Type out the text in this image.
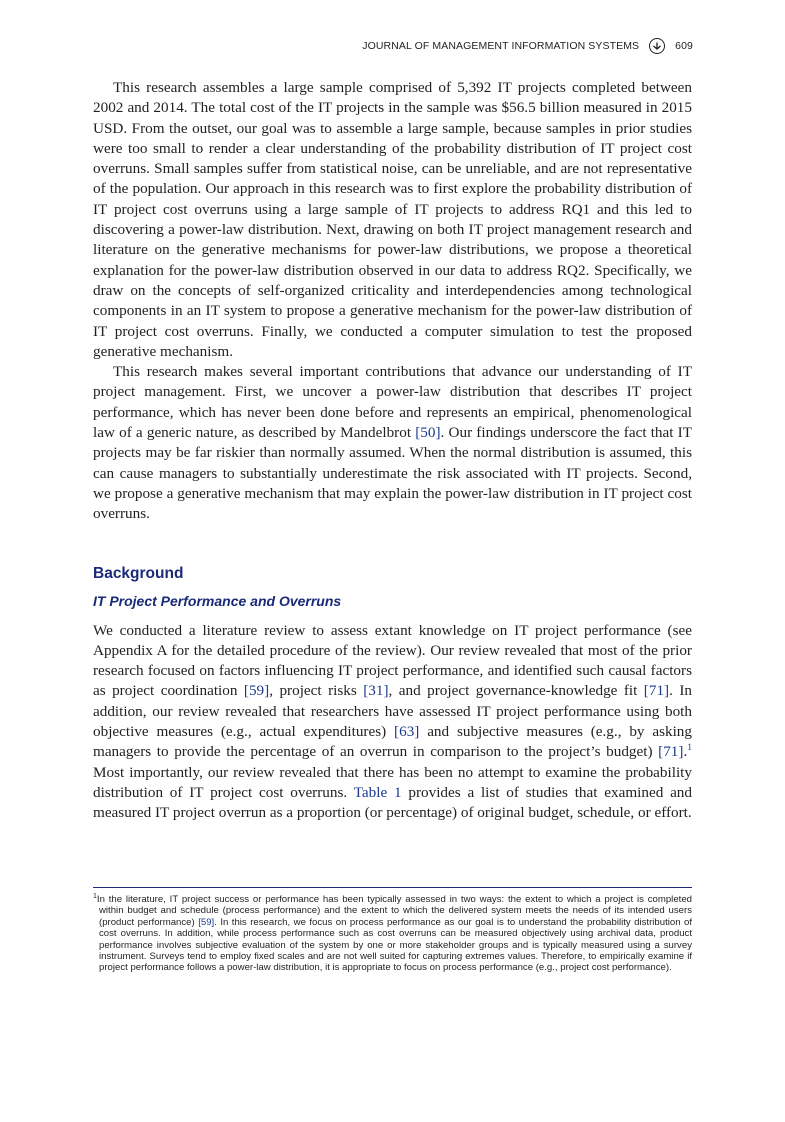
JOURNAL OF MANAGEMENT INFORMATION SYSTEMS	609

This research assembles a large sample comprised of 5,392 IT projects completed between 2002 and 2014. The total cost of the IT projects in the sample was $56.5 billion measured in 2015 USD. From the outset, our goal was to assemble a large sample, because samples in prior studies were too small to render a clear understanding of the probability distribution of IT project cost overruns. Small samples suffer from statistical noise, can be unreliable, and are not representative of the population. Our approach in this research was to first explore the probability distribution of IT project cost overruns using a large sample of IT projects to address RQ1 and this led to discovering a power-law distribution. Next, drawing on both IT project management research and literature on the generative mechanisms for power-law distributions, we propose a theoretical explanation for the power-law distribution observed in our data to address RQ2. Specifically, we draw on the concepts of self-organized criticality and interdependencies among technological components in an IT system to propose a generative mechanism for the power-law distribution of IT project cost overruns. Finally, we conducted a computer simulation to test the proposed generative mechanism.

This research makes several important contributions that advance our understanding of IT project management. First, we uncover a power-law distribution that describes IT project performance, which has never been done before and represents an empirical, phenomenological law of a generic nature, as described by Mandelbrot [50]. Our findings underscore the fact that IT projects may be far riskier than normally assumed. When the normal distribution is assumed, this can cause managers to substantially underestimate the risk associated with IT projects. Second, we propose a generative mechanism that may explain the power-law distribution in IT project cost overruns.

Background
IT Project Performance and Overruns

We conducted a literature review to assess extant knowledge on IT project performance (see Appendix A for the detailed procedure of the review). Our review revealed that most of the prior research focused on factors influencing IT project performance, and identified such causal factors as project coordination [59], project risks [31], and project governance-knowledge fit [71]. In addition, our review revealed that researchers have assessed IT project performance using both objective measures (e.g., actual expenditures) [63] and subjective measures (e.g., by asking managers to provide the percentage of an overrun in comparison to the project’s budget) [71].$^1$ Most importantly, our review revealed that there has been no attempt to examine the probability distribution of IT project cost overruns. Table 1 provides a list of studies that examined and measured IT project overrun as a proportion (or percentage) of original budget, schedule, or effort.

$^1$In the literature, IT project success or performance has been typically assessed in two ways: the extent to which a project is completed within budget and schedule (process performance) and the extent to which the delivered system meets the needs of its intended users (product performance) [59]. In this research, we focus on process performance as our goal is to understand the probability distribution of cost overruns. In addition, while process performance such as cost overruns can be measured objectively using archival data, product performance involves subjective evaluation of the system by one or more stakeholder groups and is typically measured using a survey instrument. Surveys tend to employ fixed scales and are not well suited for capturing extremes values. Therefore, to empirically examine if project performance follows a power-law distribution, it is appropriate to focus on process performance (e.g., project cost performance).
